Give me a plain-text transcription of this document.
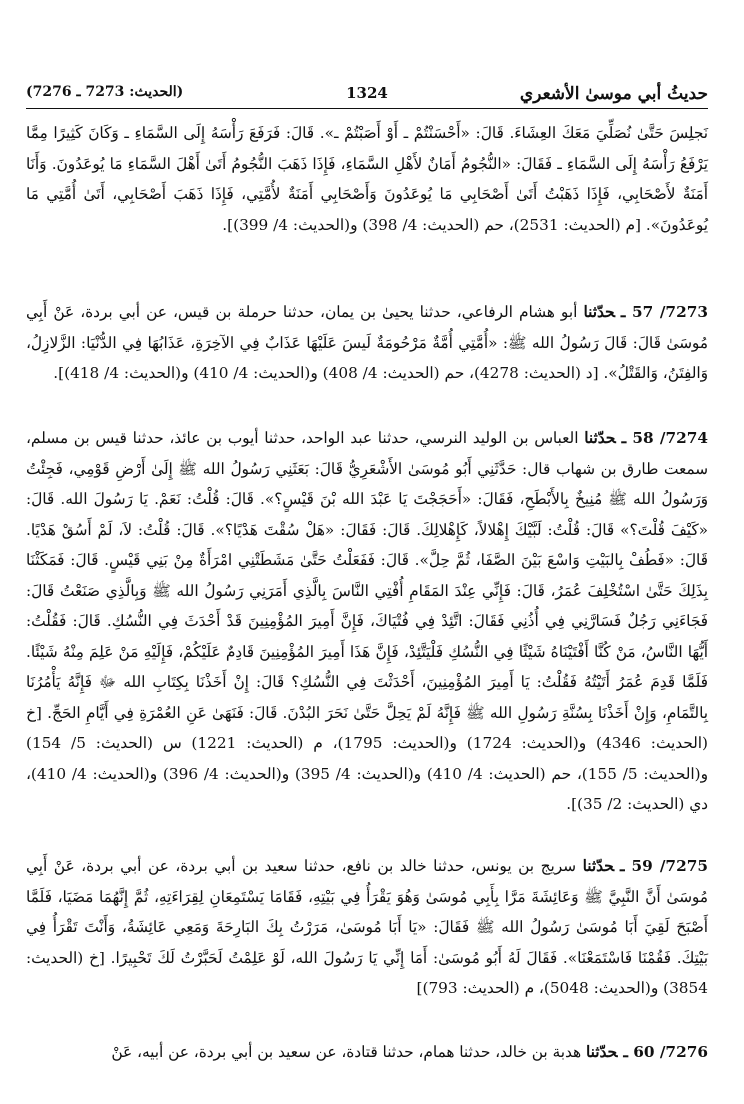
حديثُ أبي موسىٰ الأشعري
1324
(الحديث: 7273 ـ 7276)

نَجلِسَ حَتَّىٰ نُصَلِّيَ مَعَكَ العِشَاءَ. قَالَ: «أَحْسَنْتُمْ ـ أَوْ أَصَبْتُمْ ـ». قَالَ: فَرَفَعَ رَأْسَهُ إِلَى السَّمَاءِ ـ وَكَانَ كَثِيرًا مِمَّا يَرْفَعُ رَأْسَهُ إِلَى السَّمَاءِ ـ فَقَالَ: «النُّجُومُ أَمَانٌ لأَهْلِ السَّمَاءِ، فَإِذَا ذَهَبَ النُّجُومُ أَتَىٰ أَهْلَ السَّمَاءِ مَا يُوعَدُونَ. وَأَنَا أَمَنَةٌ لأَصْحَابِي، فَإِذَا ذَهَبْتُ أَتَىٰ أَصْحَابِي مَا يُوعَدُونَ وَأَصْحَابِي أَمَنَةٌ لأُمَّتِي، فَإِذَا ذَهَبَ أَصْحَابِي، أَتَىٰ أُمَّتِي مَا يُوعَدُونَ». [م (الحديث: 2531)، حم (الحديث: 4/ 398) و(الحديث: 4/ 399)].

7273/ 57 ـحدّثنا أبو هشام الرفاعي، حدثنا يحيىٰ بن يمان، حدثنا حرملة بن قيس، عن أبي بردة، عَنْ أَبِي مُوسَىٰ قَالَ: قَالَ رَسُولُ الله ﷺ: «أُمَّتِي أُمَّةٌ مَرْحُومَةٌ لَيسَ عَلَيْهَا عَذَابٌ فِي الآخِرَةِ، عَذَابُهَا فِي الدُّنْيَا: الزَّلازِلُ، وَالفِتَنُ، وَالقَتْلُ». [د (الحديث: 4278)، حم (الحديث: 4/ 408) و(الحديث: 4/ 410) و(الحديث: 4/ 418)].

7274/ 58 ـحدّثنا العباس بن الوليد النرسي، حدثنا عبد الواحد، حدثنا أيوب بن عائذ، حدثنا قيس بن مسلم، سمعت طارق بن شهاب قال: حَدَّثَنِي أَبُو مُوسَىٰ الأَشْعَرِيُّ قَالَ: بَعَثَنِي رَسُولُ الله ﷺ إِلَىٰ أَرْضِ قَوْمِي، فَجِئْتُ وَرَسُولُ الله ﷺ مُنِيخٌ بِالأَبْطَحِ، فَقَالَ: «أَحَجَجْتَ يَا عَبْدَ الله بْنَ قَيْسٍ؟». قَالَ: قُلْتُ: نَعَمْ. يَا رَسُولَ الله. قَالَ: «كَيْفَ قُلْتَ؟» قَالَ: قُلْتُ: لَبَّيْكَ إِهْلالاً، كَإِهْلالِكَ. قَالَ: فَقَالَ: «هَلْ سُقْتَ هَدْيًا؟». قَالَ: قُلْتُ: لاَ، لَمْ أَسُقْ هَدْيًا. قَالَ: «فَطُفْ بِالبَيْتِ وَاسْعَ بَيْنَ الصَّفَا، ثُمَّ حِلَّ». قَالَ: فَفَعَلْتُ حَتَّىٰ مَشَطَتْنِي امْرَأَةٌ مِنْ بَنِي قَيْسٍ. قَالَ: فَمَكَثْنَا بِذَلِكَ حَتَّىٰ اسْتُخْلِفَ عُمَرُ، قَالَ: فَإِنِّي عِنْدَ المَقَامِ أُفْتِي النَّاسَ بِالَّذِي أَمَرَنِي رَسُولُ الله ﷺ وَبِالَّذِي صَنَعْتُ قَالَ: فَجَاءَنِي رَجُلٌ فَسَارَّنِي فِي أُذُنِي فَقَالَ: اتَّئِدْ فِي فُتْيَاكَ، فَإِنَّ أَمِيرَ المُؤْمِنِينَ قَدْ أَحْدَثَ فِي النُّسُكِ. قَالَ: فَقُلْتُ: أَيُّهَا النَّاسُ، مَنْ كُنَّا أَفْتَيْنَاهُ شَيْئًا فِي النُّسُكِ فَلْيَتَّئِدْ، فَإِنَّ هَذَا أَمِيرَ المُؤْمِنِينَ قَادِمٌ عَلَيْكُمْ، فَإِلَيْهِ مَنْ عَلِمَ مِنْهُ شَيْئًا. فَلَمَّا قَدِمَ عُمَرُ أَتَيْتُهُ فَقُلْتُ: يَا أَمِيرَ المُؤْمِنِينَ، أَحْدَثْتَ فِي النُّسُكِ؟ قَالَ: إِنْ أَخَذْنَا بِكِتَابِ الله ﷻ فَإِنَّهُ يَأْمُرُنَا بِالتَّمَامِ، وَإِنْ أَخَذْنَا بِسُنَّةِ رَسُولِ الله ﷺ فَإِنَّهُ لَمْ يَحِلَّ حَتَّىٰ نَحَرَ البُدْنَ. قَالَ: فَنَهَىٰ عَنِ العُمْرَةِ فِي أَيَّامِ الحَجِّ. [خ (الحديث: 4346) و(الحديث: 1724) و(الحديث: 1795)، م (الحديث: 1221) س (الحديث: 5/ 154) و(الحديث: 5/ 155)، حم (الحديث: 4/ 410) و(الحديث: 4/ 395) و(الحديث: 4/ 396) و(الحديث: 4/ 410)، دي (الحديث: 2/ 35)].

7275/ 59 ـحدّثنا سريج بن يونس، حدثنا خالد بن نافع، حدثنا سعيد بن أبي بردة، عن أبي بردة، عَنْ أَبِي مُوسَىٰ أَنَّ النَّبِيَّ ﷺ وَعَائِشَةَ مَرَّا بِأَبِي مُوسَىٰ وَهُوَ يَقْرَأُ فِي بَيْتِهِ، فَقَامَا يَسْتَمِعَانِ لِقِرَاءَتِهِ، ثُمَّ إِنَّهُمَا مَضَيَا، فَلَمَّا أَصْبَحَ لَقِيَ أَبَا مُوسَىٰ رَسُولُ الله ﷺ فَقَالَ: «يَا أَبَا مُوسَىٰ، مَرَرْتُ بِكَ البَارِحَةَ وَمَعِي عَائِشَةُ، وَأَنْتَ تَقْرَأُ فِي بَيْتِكَ. فَقُمْنَا فَاسْتَمَعْنَا». فَقَالَ لَهُ أَبُو مُوسَىٰ: أَمَا إِنِّي يَا رَسُولَ الله، لَوْ عَلِمْتُ لَحَبَّرْتُ لَكَ تَحْبِيرًا. [خ (الحديث: 3854) و(الحديث: 5048)، م (الحديث: 793)]

7276/ 60 ـحدّثنا هدبة بن خالد، حدثنا همام، حدثنا قتادة، عن سعيد بن أبي بردة، عن أبيه، عَنْ
